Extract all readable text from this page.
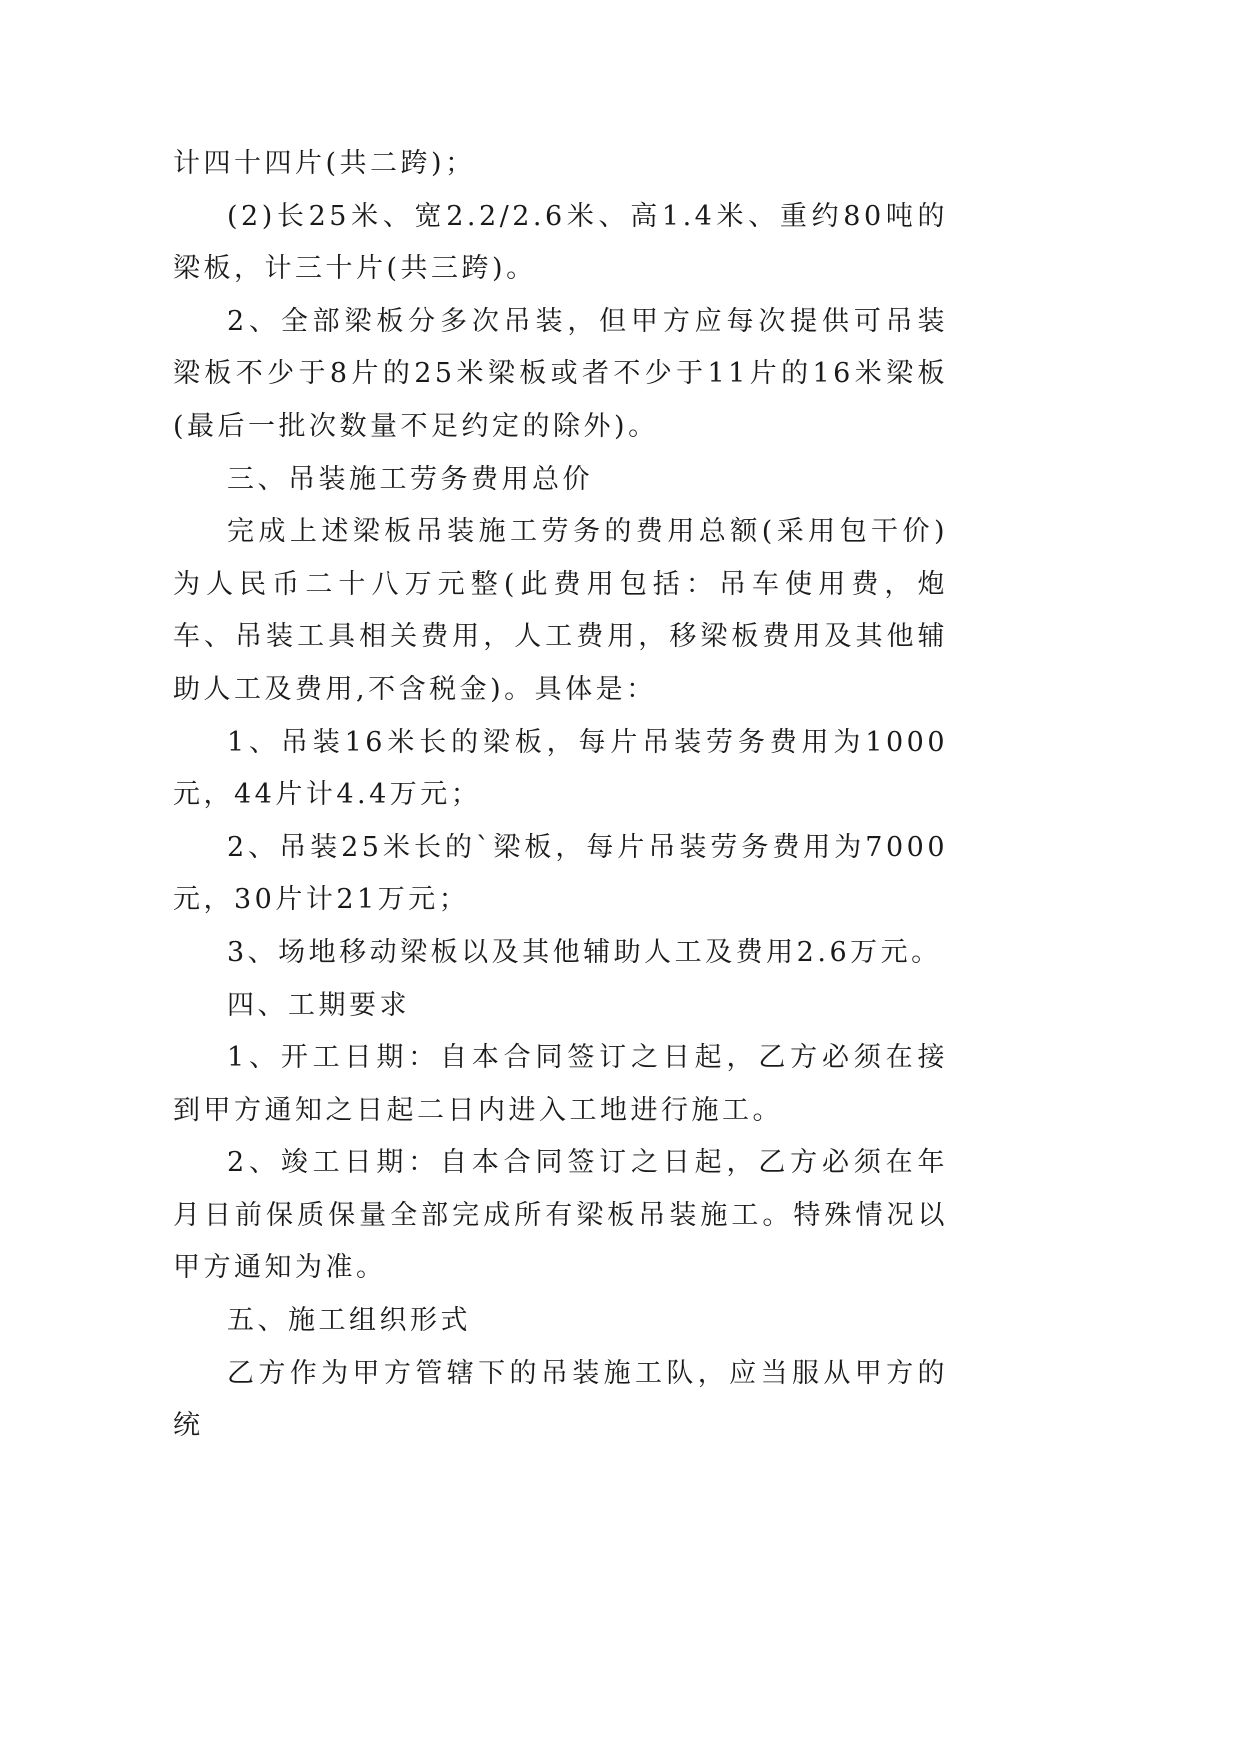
计四十四片(共二跨)；

(2)长25米、宽2.2/2.6米、高1.4米、重约80吨的梁板，计三十片(共三跨)。

2、全部梁板分多次吊装，但甲方应每次提供可吊装梁板不少于8片的25米梁板或者不少于11片的16米梁板(最后一批次数量不足约定的除外)。

三、吊装施工劳务费用总价

完成上述梁板吊装施工劳务的费用总额(采用包干价)为人民币二十八万元整(此费用包括：吊车使用费，炮车、吊装工具相关费用，人工费用，移梁板费用及其他辅助人工及费用,不含税金)。具体是：

1、吊装16米长的梁板，每片吊装劳务费用为1000元，44片计4.4万元；

2、吊装25米长的`梁板，每片吊装劳务费用为7000元，30片计21万元；

3、场地移动梁板以及其他辅助人工及费用2.6万元。

四、工期要求

1、开工日期：自本合同签订之日起，乙方必须在接到甲方通知之日起二日内进入工地进行施工。

2、竣工日期：自本合同签订之日起，乙方必须在年月日前保质保量全部完成所有梁板吊装施工。特殊情况以甲方通知为准。

五、施工组织形式

乙方作为甲方管辖下的吊装施工队，应当服从甲方的统
